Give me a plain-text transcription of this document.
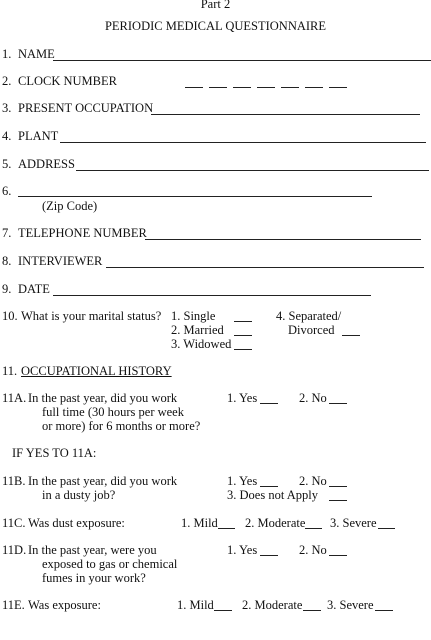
Part 2
PERIODIC MEDICAL QUESTIONNAIRE
1. NAME
2. CLOCK NUMBER
3. PRESENT OCCUPATION
4. PLANT
5. ADDRESS
6.
(Zip Code)
7. TELEPHONE NUMBER
8. INTERVIEWER
9. DATE
10. What is your marital status? 1. Single	4. Separated/
2. Married	Divorced
3. Widowed
11. OCCUPATIONAL HISTORY
11A. In the past year, did you work
full time (30 hours per week
or more) for 6 months or more?
1. Yes	2. No
IF YES TO 11A:
11B. In the past year, did you work
in a dusty job?
1. Yes	2. No
3. Does not Apply
11C. Was dust exposure:	1. Mild 2. Moderate 3. Severe
11D. In the past year, were you
exposed to gas or chemical
fumes in your work?
1. Yes	2. No
11E. Was exposure:	1. Mild 2. Moderate 3. Severe
